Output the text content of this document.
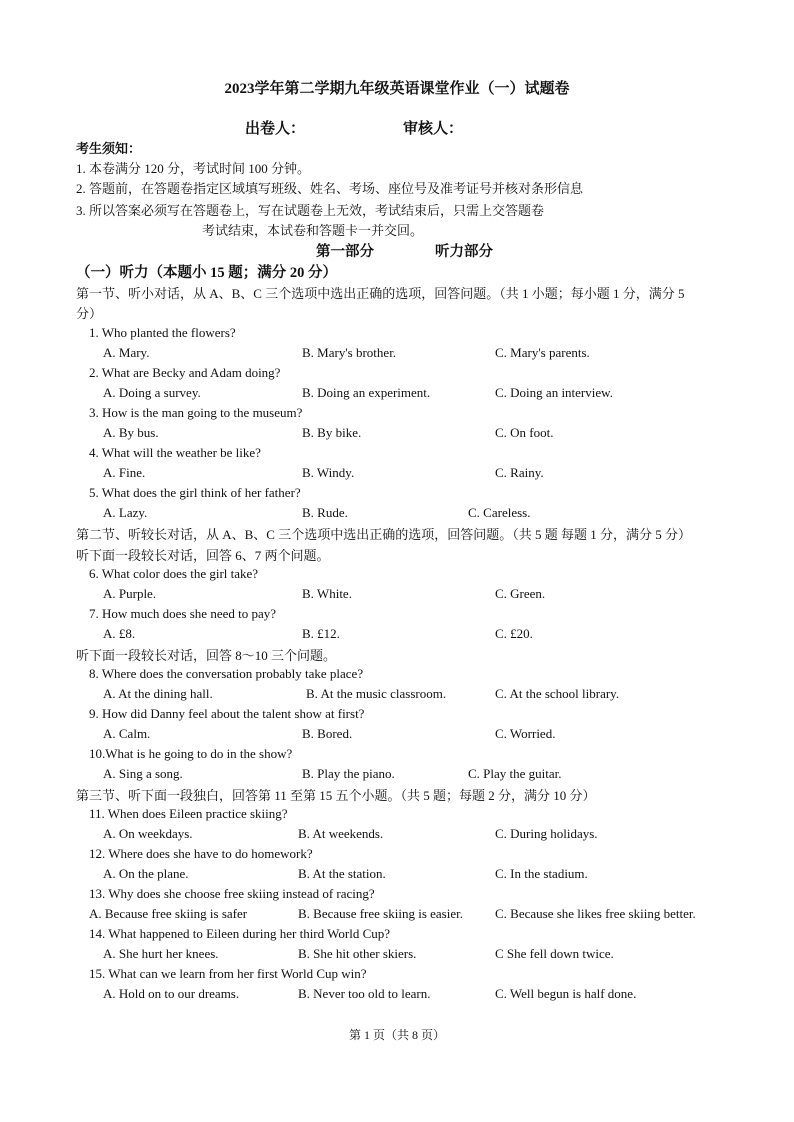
2023学年第二学期九年级英语课堂作业（一）试题卷
出卷人：	审核人：
考生须知：
1. 本卷满分 120 分，考试时间 100 分钟。
2. 答题前，在答题卷指定区域填写班级、姓名、考场、座位号及准考证号并核对条形信息
3. 所以答案必须写在答题卷上，写在试题卷上无效，考试结束后，只需上交答题卷
考试结束，本试卷和答题卡一并交回。
第一部分	听力部分
（一）听力（本题小 15 题；满分 20 分）
第一节、听小对话，从 A、B、C 三个选项中选出正确的选项，回答问题。（共 1 小题；每小题 1 分，满分 5
分）
第二节、听较长对话，从 A、B、C 三个选项中选出正确的选项，回答问题。（共 5 题 每题 1 分，满分 5 分）
听下面一段较长对话，回答 6、7 两个问题。
听下面一段较长对话，回答 8～10 三个问题。
第三节、听下面一段独白，回答第 11 至第 15 五个小题。（共 5 题；每题 2 分，满分 10 分）
1. Who planted the flowers?
A. Mary.	B. Mary's brother.	C. Mary's parents.
2. What are Becky and Adam doing?
A. Doing a survey.	B. Doing an experiment.	C. Doing an interview.
3. How is the man going to the museum?
A. By bus.	B. By bike.	C. On foot.
4. What will the weather be like?
A. Fine.	B. Windy.	C. Rainy.
5. What does the girl think of her father?
A. Lazy.	B. Rude.	C. Careless.
6. What color does the girl take?
A. Purple.	B. White.	C. Green.
7. How much does she need to pay?
A. £8.	B. £12.	C. £20.
8. Where does the conversation probably take place?
A. At the dining hall.	B. At the music classroom.	C. At the school library.
9. How did Danny feel about the talent show at first?
A. Calm.	B. Bored.	C. Worried.
10.What is he going to do in the show?
A. Sing a song.	B. Play the piano.	C. Play the guitar.
11. When does Eileen practice skiing?
A. On weekdays.	B. At weekends.	C. During holidays.
12. Where does she have to do homework?
A. On the plane.	B. At the station.	C. In the stadium.
13. Why does she choose free skiing instead of racing?
A. Because free skiing is safer	B. Because free skiing is easier. C. Because she likes free skiing better.
14. What happened to Eileen during her third World Cup?
A. She hurt her knees.	B. She hit other skiers.	C She fell down twice.
15. What can we learn from her first World Cup win?
A. Hold on to our dreams.	B. Never too old to learn.	C. Well begun is half done.
第 1 页（共 8 页）
